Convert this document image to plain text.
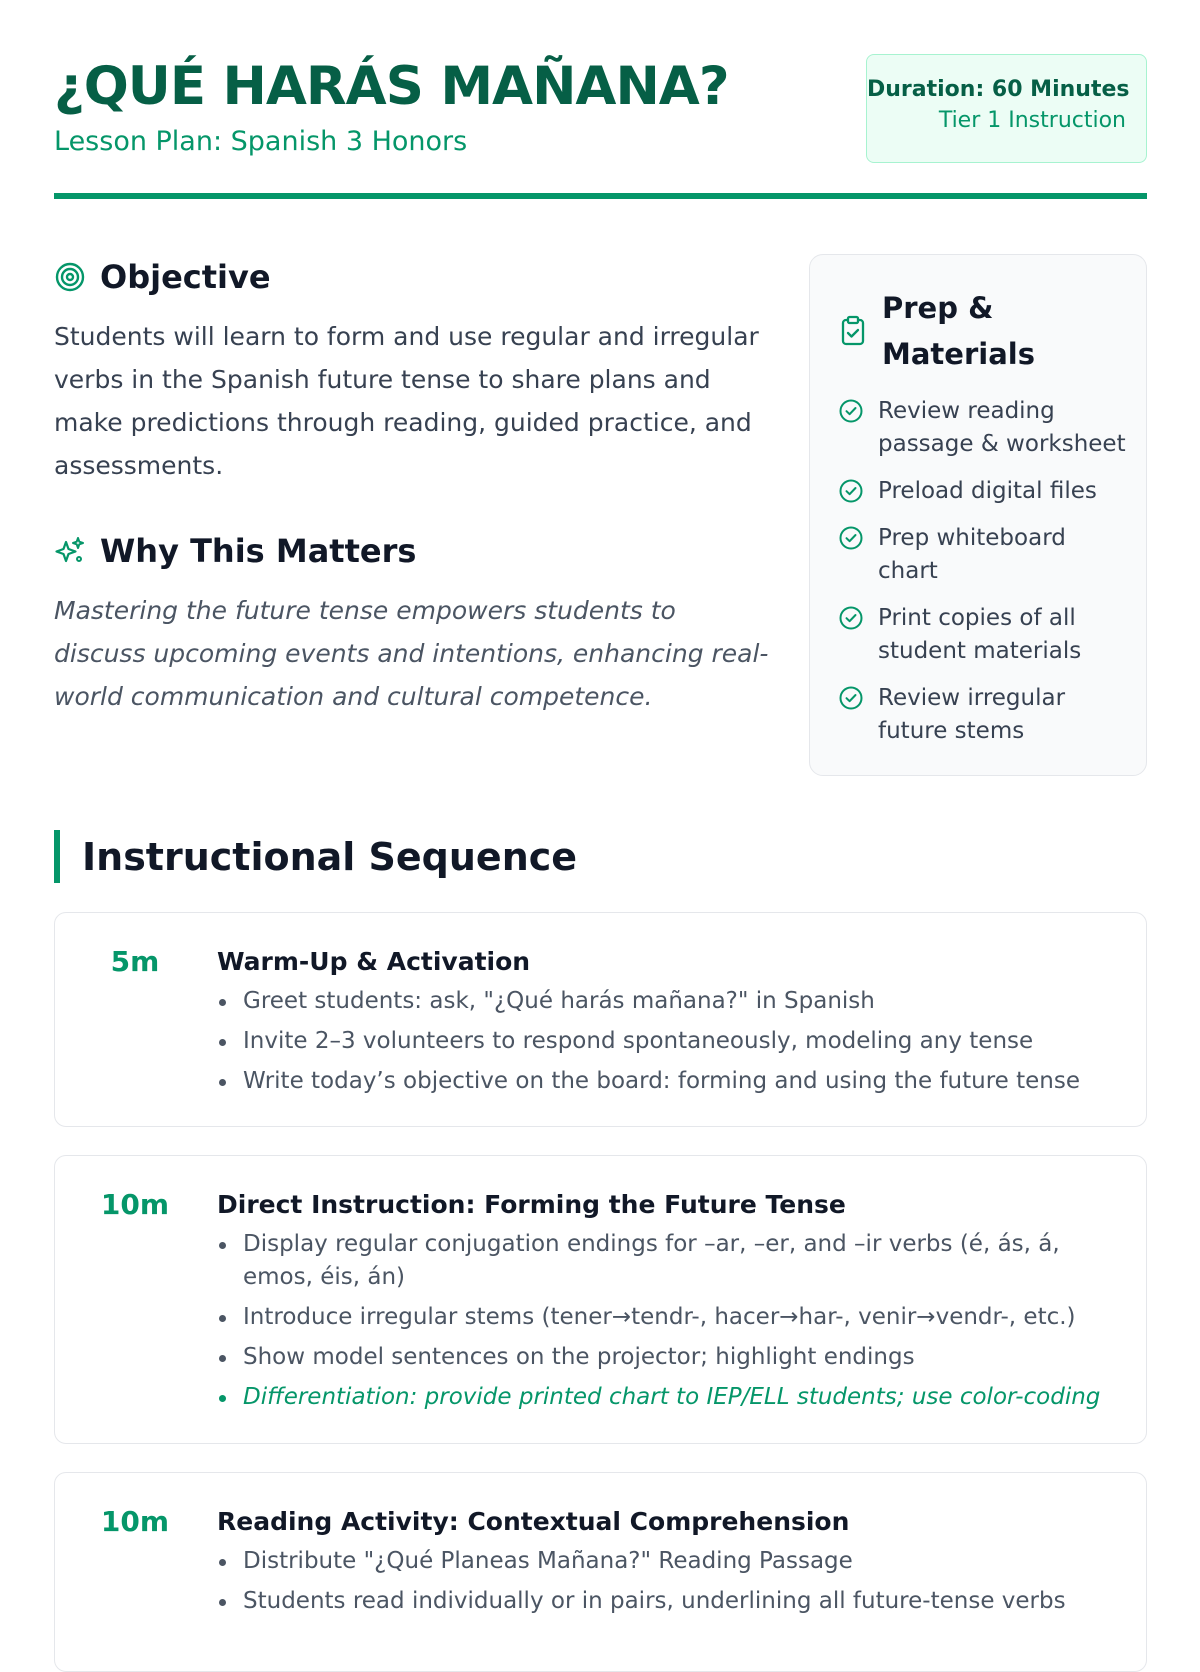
¿QUÉ HARÁS MAÑANA?
Lesson Plan: Spanish 3 Honors
Duration: 60 Minutes
Tier 1 Instruction
Objective

Students will learn to form and use regular and irregular verbs in the Spanish future tense to share plans and make predictions through reading, guided practice, and assessments.

Why This Matters

Mastering the future tense empowers students to discuss upcoming events and intentions, enhancing real-world communication and cultural competence.

Prep & Materials
Review reading passage & worksheet
Preload digital files
Prep whiteboard chart
Print copies of all student materials
Review irregular future stems
Instructional Sequence
5m	Warm-Up & Activation
Greet students: ask, "¿Qué harás mañana?" in Spanish
Invite 2–3 volunteers to respond spontaneously, modeling any tense
Write today’s objective on the board: forming and using the future tense
10m	Direct Instruction: Forming the Future Tense
Display regular conjugation endings for –ar, –er, and –ir verbs (é, ás, á, emos, éis, án)
Introduce irregular stems (tener→tendr-, hacer→har-, venir→vendr-, etc.)
Show model sentences on the projector; highlight endings
Differentiation: provide printed chart to IEP/ELL students; use color-coding
10m	Reading Activity: Contextual Comprehension
Distribute "¿Qué Planeas Mañana?" Reading Passage
Students read individually or in pairs, underlining all future-tense verbs
